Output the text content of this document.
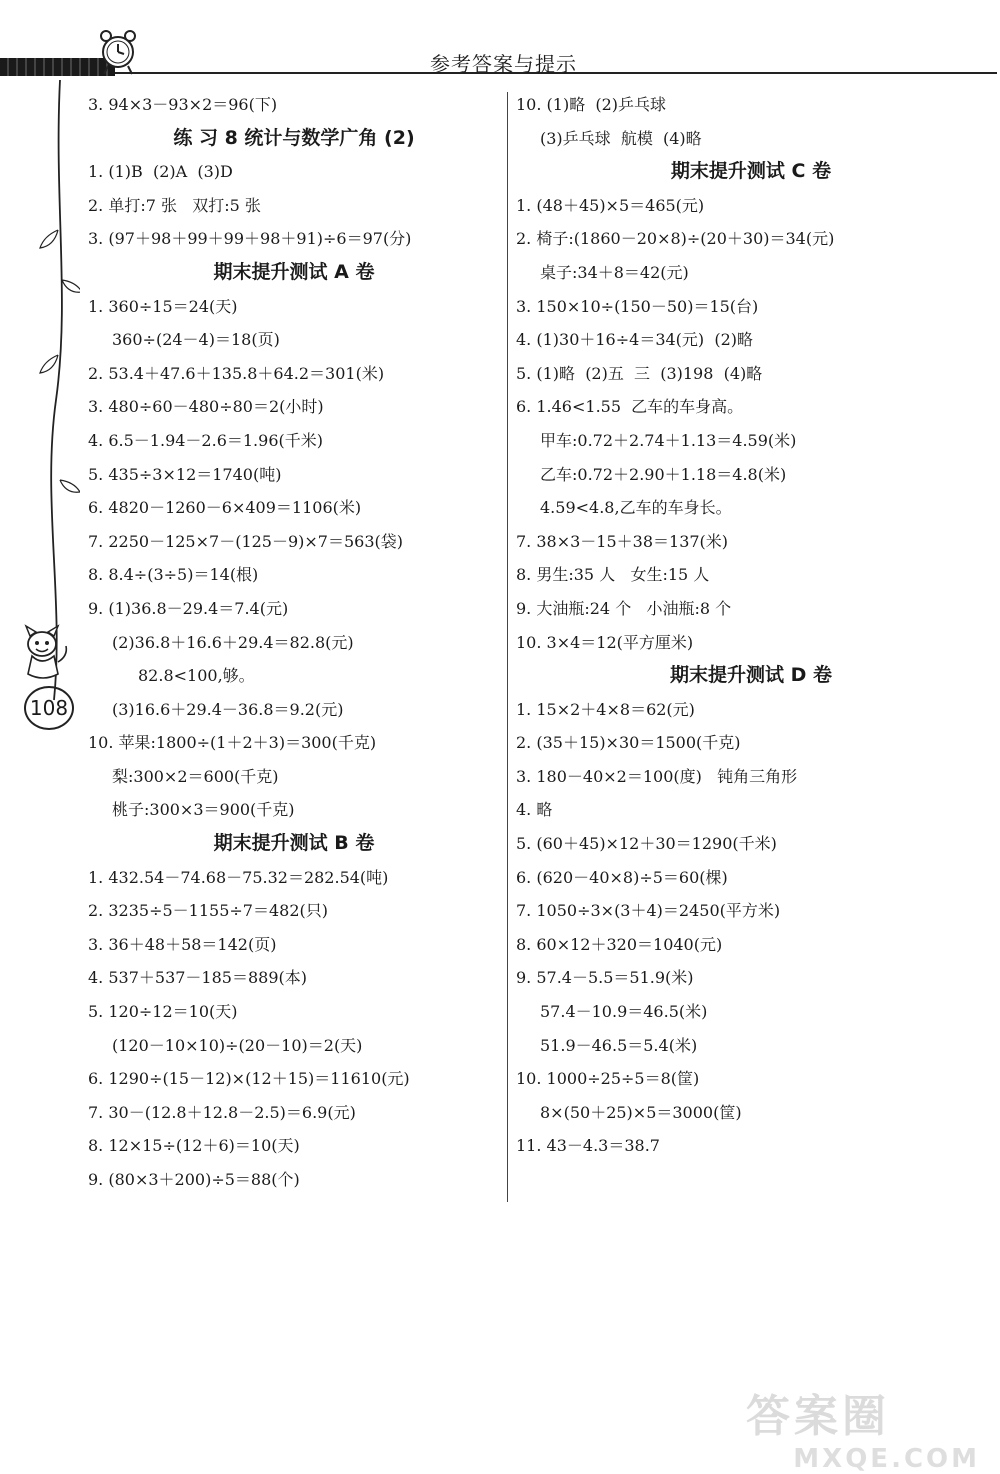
参考答案与提示
108
3. 94×3－93×2＝96(下)
练 习 8 统计与数学广角 (2)
1. (1)B  (2)A  (3)D
2. 单打:7 张   双打:5 张
3. (97＋98＋99＋99＋98＋91)÷6＝97(分)
期末提升测试 A 卷
1. 360÷15＝24(天)
360÷(24－4)＝18(页)
2. 53.4＋47.6＋135.8＋64.2＝301(米)
3. 480÷60－480÷80＝2(小时)
4. 6.5－1.94－2.6＝1.96(千米)
5. 435÷3×12＝1740(吨)
6. 4820－1260－6×409＝1106(米)
7. 2250－125×7－(125－9)×7＝563(袋)
8. 8.4÷(3÷5)＝14(根)
9. (1)36.8－29.4＝7.4(元)
(2)36.8＋16.6＋29.4＝82.8(元)
82.8<100,够。
(3)16.6＋29.4－36.8＝9.2(元)
10. 苹果:1800÷(1＋2＋3)＝300(千克)
梨:300×2＝600(千克)
桃子:300×3＝900(千克)
期末提升测试 B 卷
1. 432.54－74.68－75.32＝282.54(吨)
2. 3235÷5－1155÷7＝482(只)
3. 36＋48＋58＝142(页)
4. 537＋537－185＝889(本)
5. 120÷12＝10(天)
(120－10×10)÷(20－10)＝2(天)
6. 1290÷(15－12)×(12＋15)＝11610(元)
7. 30－(12.8＋12.8－2.5)＝6.9(元)
8. 12×15÷(12＋6)＝10(天)
9. (80×3＋200)÷5＝88(个)
10. (1)略  (2)乒乓球
(3)乒乓球  航模  (4)略
期末提升测试 C 卷
1. (48＋45)×5＝465(元)
2. 椅子:(1860－20×8)÷(20＋30)＝34(元)
桌子:34＋8＝42(元)
3. 150×10÷(150－50)＝15(台)
4. (1)30＋16÷4＝34(元)  (2)略
5. (1)略  (2)五  三  (3)198  (4)略
6. 1.46<1.55  乙车的车身高。
甲车:0.72＋2.74＋1.13＝4.59(米)
乙车:0.72＋2.90＋1.18＝4.8(米)
4.59<4.8,乙车的车身长。
7. 38×3－15＋38＝137(米)
8. 男生:35 人   女生:15 人
9. 大油瓶:24 个   小油瓶:8 个
10. 3×4＝12(平方厘米)
期末提升测试 D 卷
1. 15×2＋4×8＝62(元)
2. (35＋15)×30＝1500(千克)
3. 180－40×2＝100(度)   钝角三角形
4. 略
5. (60＋45)×12＋30＝1290(千米)
6. (620－40×8)÷5＝60(棵)
7. 1050÷3×(3＋4)＝2450(平方米)
8. 60×12＋320＝1040(元)
9. 57.4－5.5＝51.9(米)
57.4－10.9＝46.5(米)
51.9－46.5＝5.4(米)
10. 1000÷25÷5＝8(筐)
8×(50＋25)×5＝3000(筐)
11. 43－4.3＝38.7
答案圈
MXQE.COM
